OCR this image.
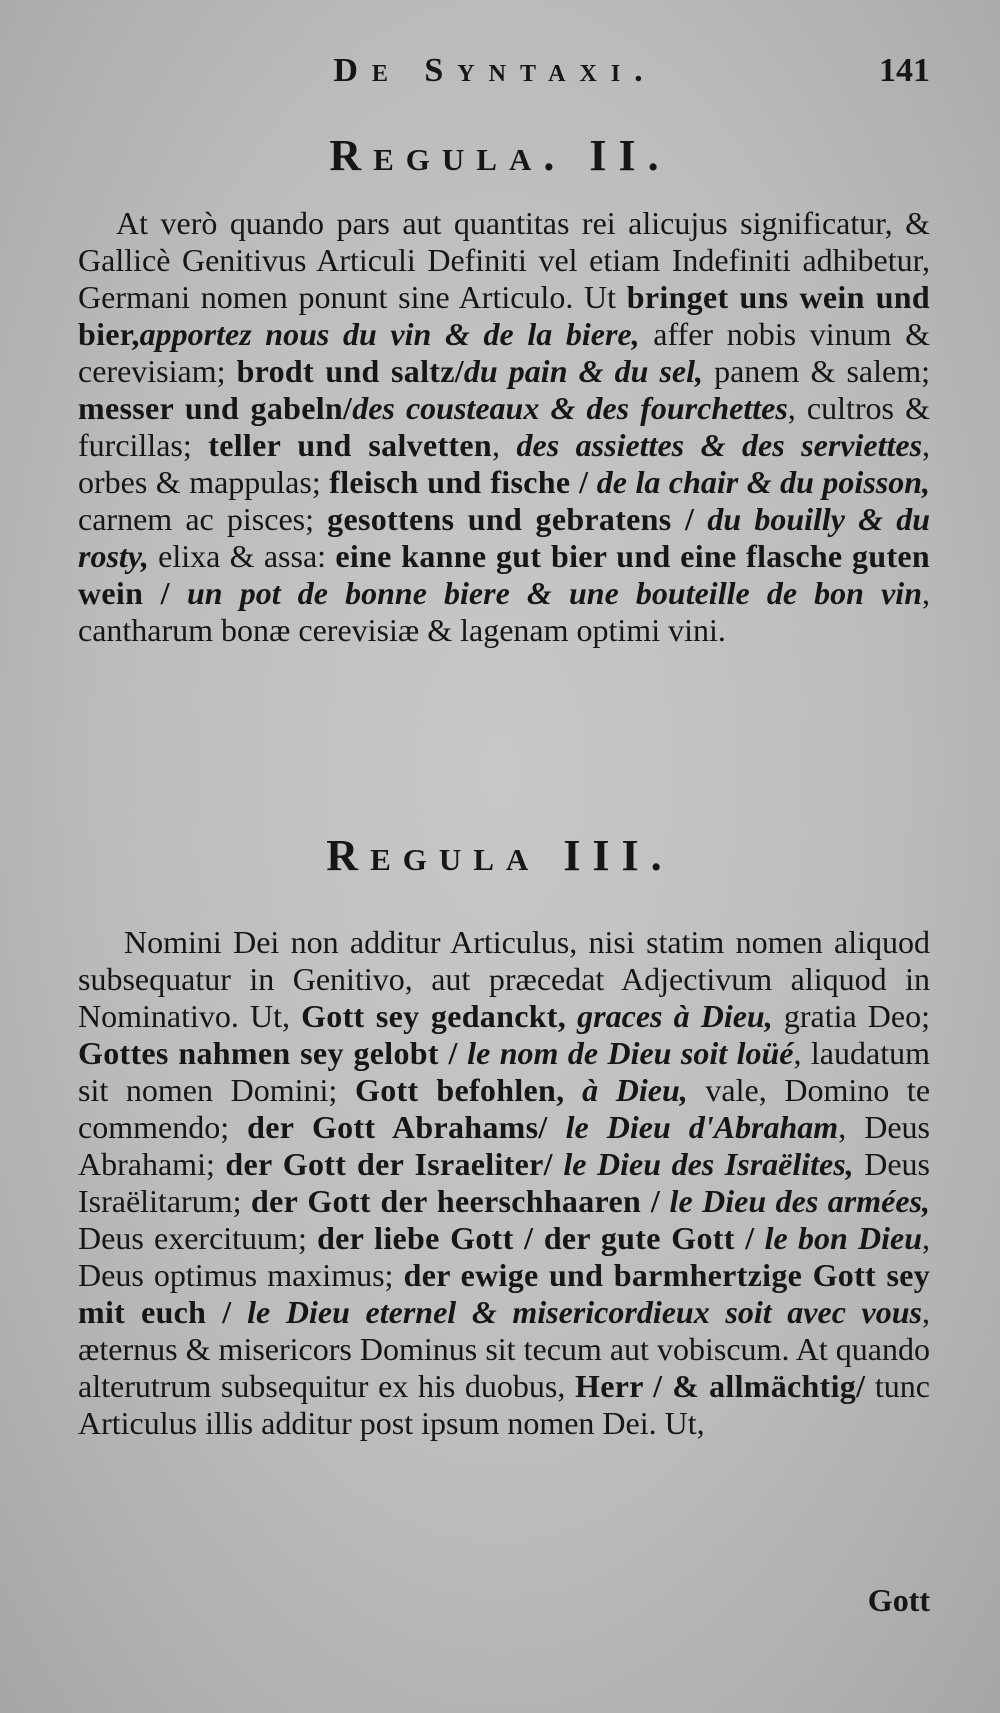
De Syntaxi.	141
Regula. II.
At verò quando pars aut quantitas rei alicujus significatur, & Gallicè Genitivus Articuli Definiti vel etiam Indefiniti adhibetur, Germani nomen ponunt sine Articulo. Ut bringet uns wein und bier,apportez nous du vin & de la biere, affer nobis vinum & cerevisiam; brodt und saltz/du pain & du sel, panem & salem; messer und gabeln/des cousteaux & des fourchettes, cultros & furcillas; teller und salvetten, des assiettes & des serviettes, orbes & mappulas; fleisch und fische / de la chair & du poisson, carnem ac pisces; gesottens und gebratens / du bouilly & du rosty, elixa & assa: eine kanne gut bier und eine flasche guten wein / un pot de bonne biere & une bouteille de bon vin, cantharum bonæ cerevisiæ & lagenam optimi vini.
Regula III.
Nomini Dei non additur Articulus, nisi statim nomen aliquod subsequatur in Genitivo, aut præcedat Adjectivum aliquod in Nominativo. Ut, Gott sey gedanckt, graces à Dieu, gratia Deo; Gottes nahmen sey gelobt / le nom de Dieu soit loüé, laudatum sit nomen Domini; Gott befohlen, à Dieu, vale, Domino te commendo; der Gott Abrahams/ le Dieu d'Abraham, Deus Abrahami; der Gott der Israeliter/ le Dieu des Israëlites, Deus Israëlitarum; der Gott der heerschhaaren / le Dieu des armées, Deus exercituum; der liebe Gott / der gute Gott / le bon Dieu, Deus optimus maximus; der ewige und barmhertzige Gott sey mit euch / le Dieu eternel & misericordieux soit avec vous, æternus & misericors Dominus sit tecum aut vobiscum. At quando alterutrum subsequitur ex his duobus, Herr / & allmächtig/ tunc Articulus illis additur post ipsum nomen Dei. Ut,
Gott
